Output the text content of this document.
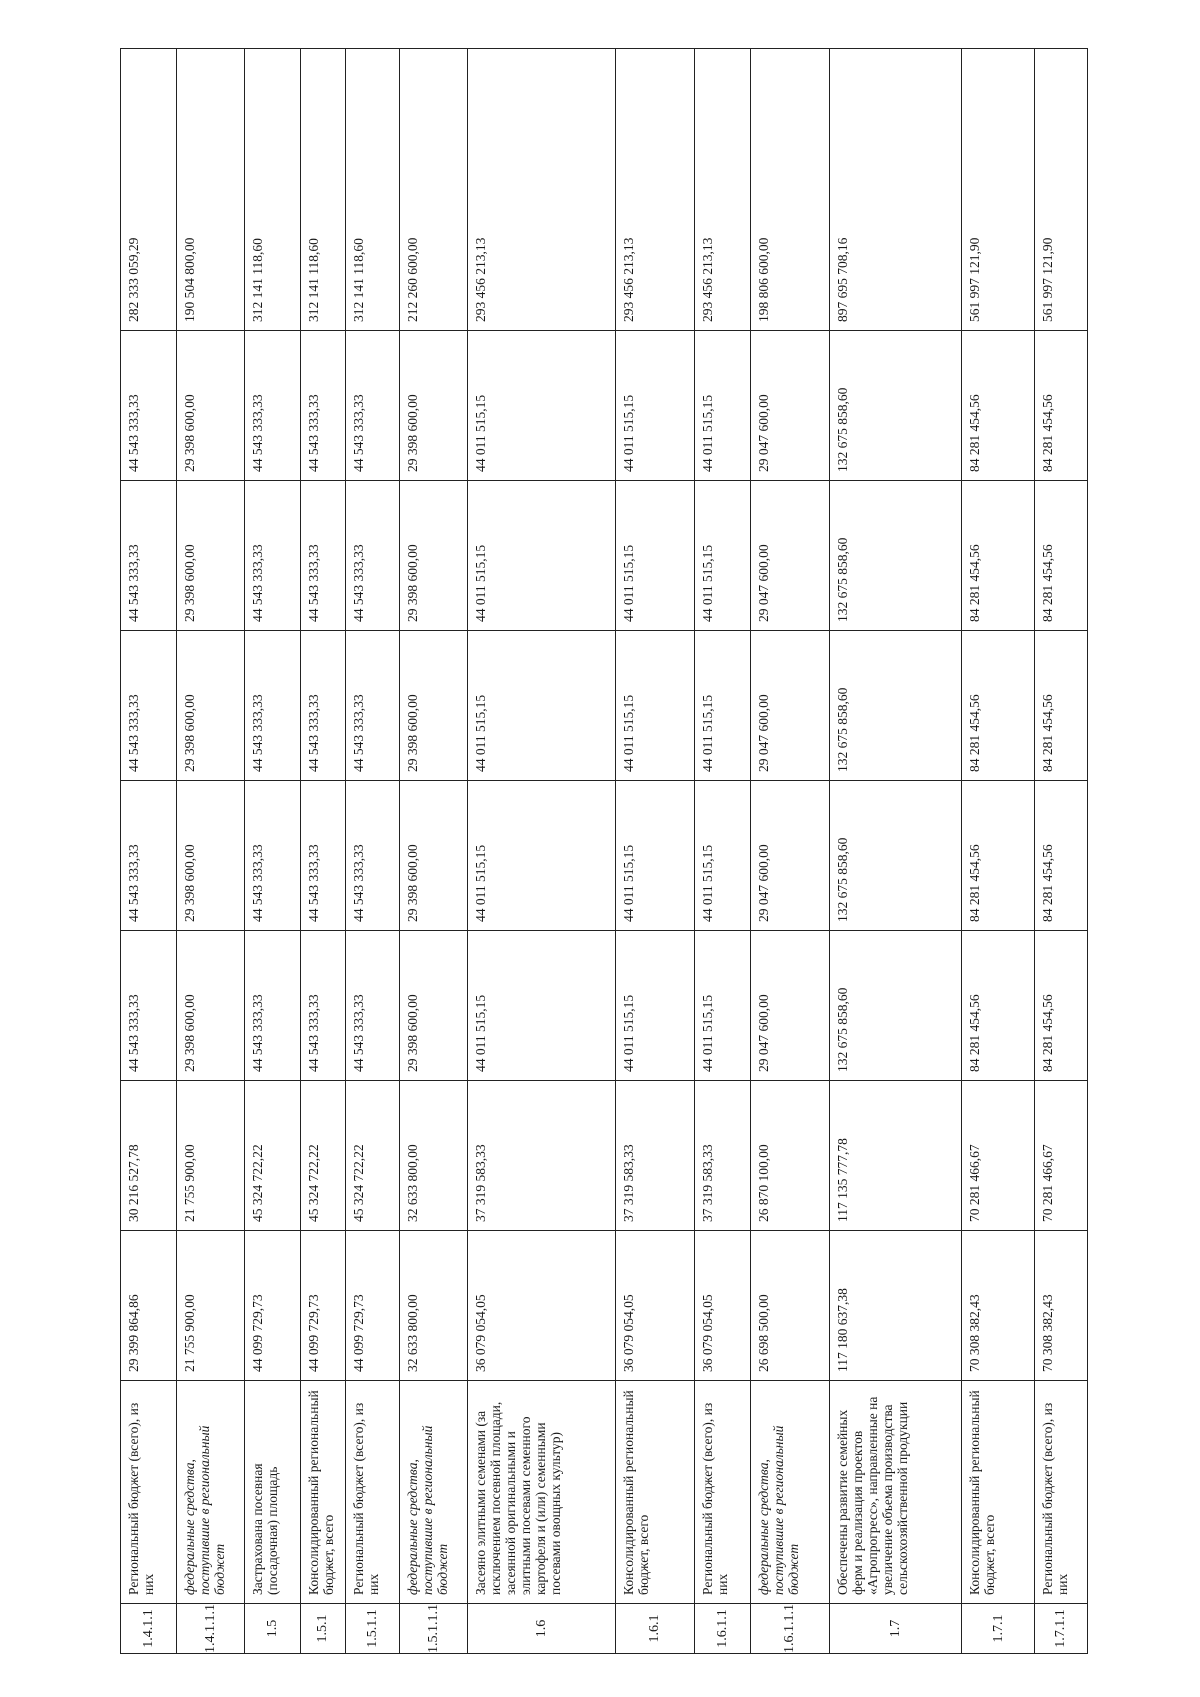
1.4.1.1	Региональный бюджет (всего), из них	29 399 864,86	30 216 527,78	44 543 333,33	44 543 333,33	44 543 333,33	44 543 333,33	44 543 333,33	282 333 059,29
1.4.1.1.1	федеральные средства, поступившие в региональный бюджет	21 755 900,00	21 755 900,00	29 398 600,00	29 398 600,00	29 398 600,00	29 398 600,00	29 398 600,00	190 504 800,00
1.5	Застрахована посевная (посадочная) площадь	44 099 729,73	45 324 722,22	44 543 333,33	44 543 333,33	44 543 333,33	44 543 333,33	44 543 333,33	312 141 118,60
1.5.1	Консолидированный региональный бюджет, всего	44 099 729,73	45 324 722,22	44 543 333,33	44 543 333,33	44 543 333,33	44 543 333,33	44 543 333,33	312 141 118,60
1.5.1.1	Региональный бюджет (всего), из них	44 099 729,73	45 324 722,22	44 543 333,33	44 543 333,33	44 543 333,33	44 543 333,33	44 543 333,33	312 141 118,60
1.5.1.1.1	федеральные средства, поступившие в региональный бюджет	32 633 800,00	32 633 800,00	29 398 600,00	29 398 600,00	29 398 600,00	29 398 600,00	29 398 600,00	212 260 600,00
1.6	Засеяно элитными семенами (за исключением посевной площади, засеянной оригинальными и элитными посевами семенного картофеля и (или) семенными посевами овощных культур)	36 079 054,05	37 319 583,33	44 011 515,15	44 011 515,15	44 011 515,15	44 011 515,15	44 011 515,15	293 456 213,13
1.6.1	Консолидированный региональный бюджет, всего	36 079 054,05	37 319 583,33	44 011 515,15	44 011 515,15	44 011 515,15	44 011 515,15	44 011 515,15	293 456 213,13
1.6.1.1	Региональный бюджет (всего), из них	36 079 054,05	37 319 583,33	44 011 515,15	44 011 515,15	44 011 515,15	44 011 515,15	44 011 515,15	293 456 213,13
1.6.1.1.1	федеральные средства, поступившие в региональный бюджет	26 698 500,00	26 870 100,00	29 047 600,00	29 047 600,00	29 047 600,00	29 047 600,00	29 047 600,00	198 806 600,00
1.7	Обеспечены развитие семейных ферм и реализация проектов «Агропрогресс», направленные на увеличение объема производства сельскохозяйственной продукции	117 180 637,38	117 135 777,78	132 675 858,60	132 675 858,60	132 675 858,60	132 675 858,60	132 675 858,60	897 695 708,16
1.7.1	Консолидированный региональный бюджет, всего	70 308 382,43	70 281 466,67	84 281 454,56	84 281 454,56	84 281 454,56	84 281 454,56	84 281 454,56	561 997 121,90
1.7.1.1	Региональный бюджет (всего), из них	70 308 382,43	70 281 466,67	84 281 454,56	84 281 454,56	84 281 454,56	84 281 454,56	84 281 454,56	561 997 121,90
